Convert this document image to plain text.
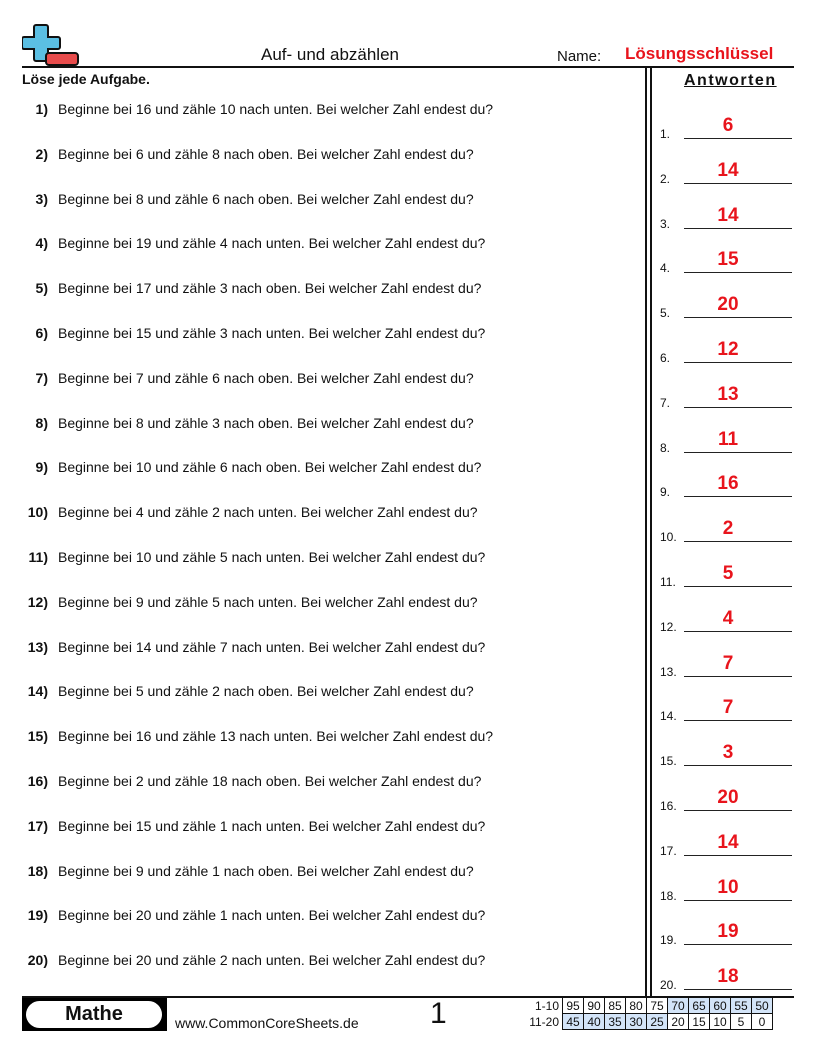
Auf- und abzählen	Name: Lösungsschlüssel
Löse jede Aufgabe.	Antworten
1) Beginne bei 16 und zähle 10 nach unten. Bei welcher Zahl endest du?
2) Beginne bei 6 und zähle 8 nach oben. Bei welcher Zahl endest du?
3) Beginne bei 8 und zähle 6 nach oben. Bei welcher Zahl endest du?
4) Beginne bei 19 und zähle 4 nach unten. Bei welcher Zahl endest du?
5) Beginne bei 17 und zähle 3 nach oben. Bei welcher Zahl endest du?
6) Beginne bei 15 und zähle 3 nach unten. Bei welcher Zahl endest du?
7) Beginne bei 7 und zähle 6 nach oben. Bei welcher Zahl endest du?
8) Beginne bei 8 und zähle 3 nach oben. Bei welcher Zahl endest du?
9) Beginne bei 10 und zähle 6 nach oben. Bei welcher Zahl endest du?
10) Beginne bei 4 und zähle 2 nach unten. Bei welcher Zahl endest du?
11) Beginne bei 10 und zähle 5 nach unten. Bei welcher Zahl endest du?
12) Beginne bei 9 und zähle 5 nach unten. Bei welcher Zahl endest du?
13) Beginne bei 14 und zähle 7 nach unten. Bei welcher Zahl endest du?
14) Beginne bei 5 und zähle 2 nach oben. Bei welcher Zahl endest du?
15) Beginne bei 16 und zähle 13 nach unten. Bei welcher Zahl endest du?
16) Beginne bei 2 und zähle 18 nach oben. Bei welcher Zahl endest du?
17) Beginne bei 15 und zähle 1 nach unten. Bei welcher Zahl endest du?
18) Beginne bei 9 und zähle 1 nach oben. Bei welcher Zahl endest du?
19) Beginne bei 20 und zähle 1 nach unten. Bei welcher Zahl endest du?
20) Beginne bei 20 und zähle 2 nach unten. Bei welcher Zahl endest du?
1.	6
2.	14
3.	14
4.	15
5.	20
6.	12
7.	13
8.	11
9.	16
10.	2
11.	5
12.	4
13.	7
14.	7
15.	3
16.	20
17.	14
18.	10
19.	19
20.	18
Mathe	www.CommonCoreSheets.de 1	1-10	95	90	85	80	75	70	65	60	55	50
11-20	45	40	35	30	25	20	15	10	5	0
